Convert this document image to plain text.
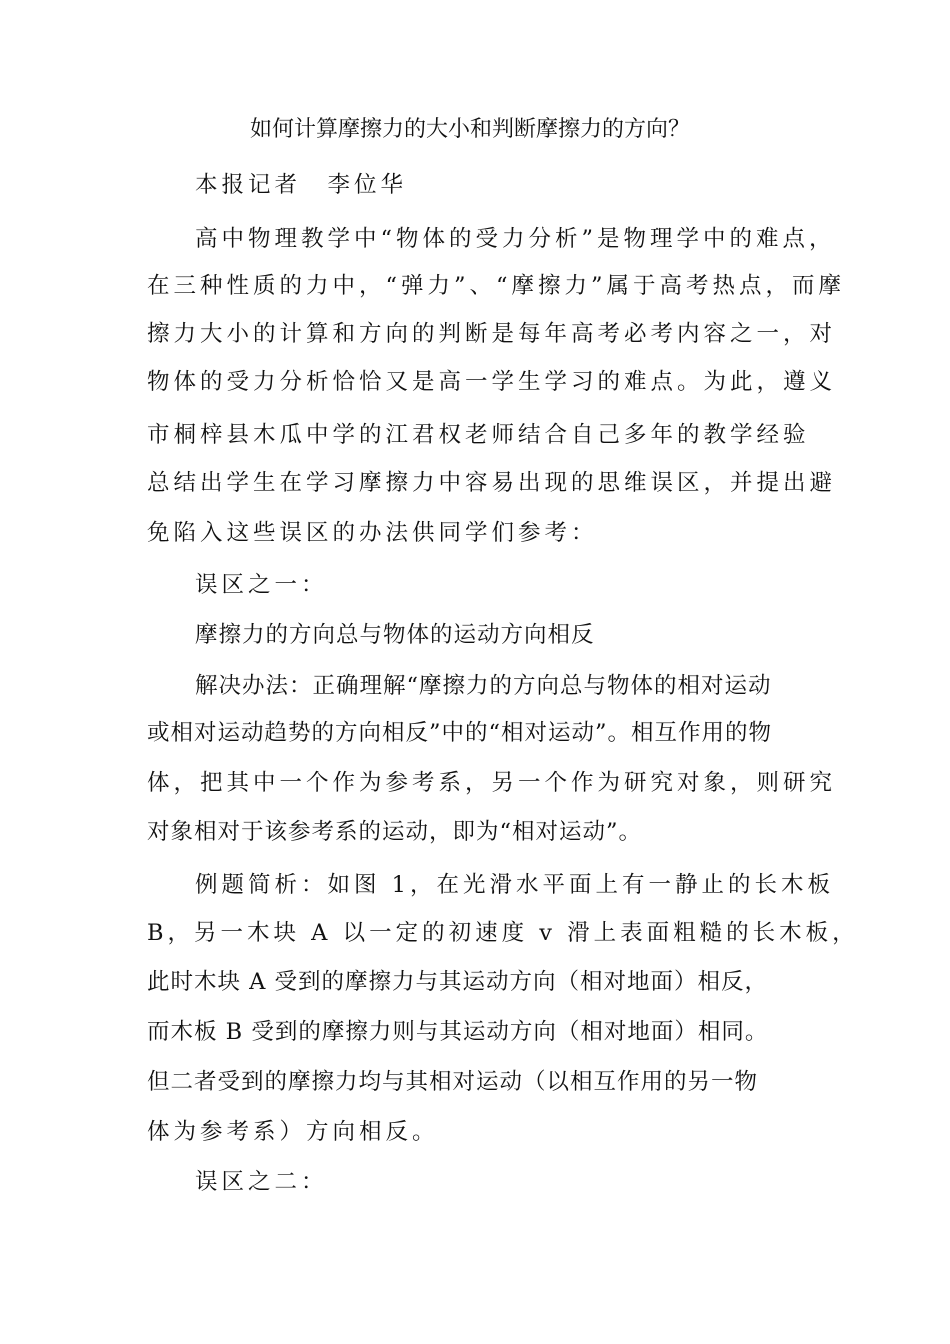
如何计算摩擦力的大小和判断摩擦力的方向？
本报记者　李位华
高中物理教学中“物体的受力分析”是物理学中的难点，
在三种性质的力中，“弹力”、“摩擦力”属于高考热点，而摩
擦力大小的计算和方向的判断是每年高考必考内容之一，对
物体的受力分析恰恰又是高一学生学习的难点。为此，遵义
市桐梓县木瓜中学的江君权老师结合自己多年的教学经验
总结出学生在学习摩擦力中容易出现的思维误区，并提出避
免陷入这些误区的办法供同学们参考：
误区之一：
摩擦力的方向总与物体的运动方向相反
解决办法：正确理解“摩擦力的方向总与物体的相对运动
或相对运动趋势的方向相反”中的“相对运动”。相互作用的物
体，把其中一个作为参考系，另一个作为研究对象，则研究
对象相对于该参考系的运动，即为“相对运动”。
例题简析：如图 1，在光滑水平面上有一静止的长木板
B，另一木块 A 以一定的初速度 v 滑上表面粗糙的长木板，
此时木块 A 受到的摩擦力与其运动方向（相对地面）相反，
而木板 B 受到的摩擦力则与其运动方向（相对地面）相同。
但二者受到的摩擦力均与其相对运动（以相互作用的另一物
体为参考系）方向相反。
误区之二：
